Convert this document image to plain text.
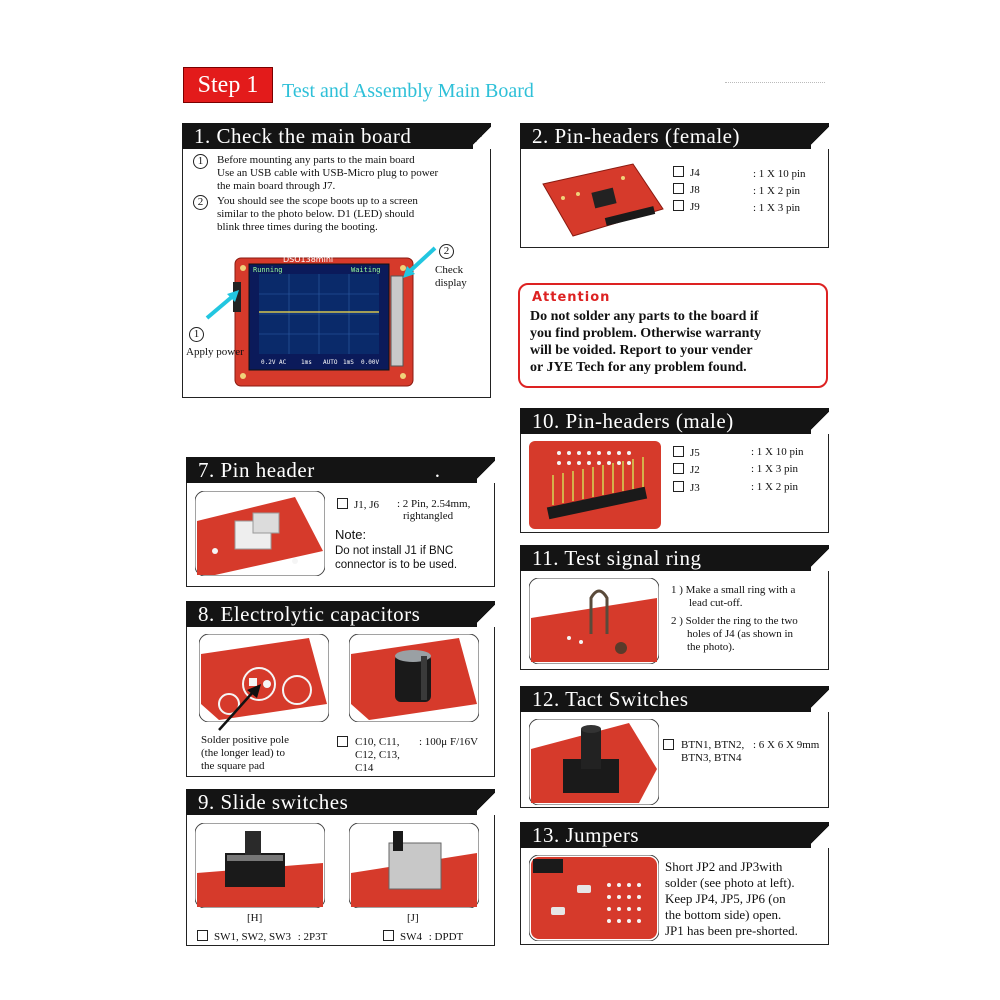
Step 1	Test and Assembly Main Board
1. Check the main board
1	Before mounting any parts to the main board
Use an USB cable with USB-Micro plug to power
the main board through J7.
2	You should see the scope boots up to a screen
similar to the photo below. D1 (LED) should
blink three times during the booting.
Running	Waiting
DSO138mini
0.2V AC 1ms AUTO 1mS 0.00V
1
Apply power
2
Check
display
2. Pin-headers (female)
J4	: 1 X 10 pin
J8	: 1 X 2 pin
J9	: 1 X 3 pin
Attention
Do not solder any parts to the board if
you find problem. Otherwise warranty
will be voided. Report to your vender
or JYE Tech for any problem found.
10. Pin-headers (male)
J5	: 1 X 10 pin
J2	: 1 X 3 pin
J3	: 1 X 2 pin
7. Pin header	.
J1, J6 : 2 Pin, 2.54mm,
rightangled
Note:
Do not install J1 if BNC
connector is to be used.
8. Electrolytic capacitors
Solder positive pole
(the longer lead) to
the square pad
C10, C11,
C12, C13,
C14
: 100μ F/16V
9. Slide switches
[H]	[J]
SW1, SW2, SW3 : 2P3T	SW4 : DPDT
11. Test signal ring
1 ) Make a small ring with a
lead cut-off.
2 ) Solder the ring to the two
holes of J4 (as shown in
the photo).
12. Tact Switches
BTN1, BTN2,
BTN3, BTN4
: 6 X 6 X 9mm
13. Jumpers
Short JP2 and JP3with
solder (see photo at left).
Keep JP4, JP5, JP6 (on
the bottom side) open.
JP1 has been pre-shorted.
